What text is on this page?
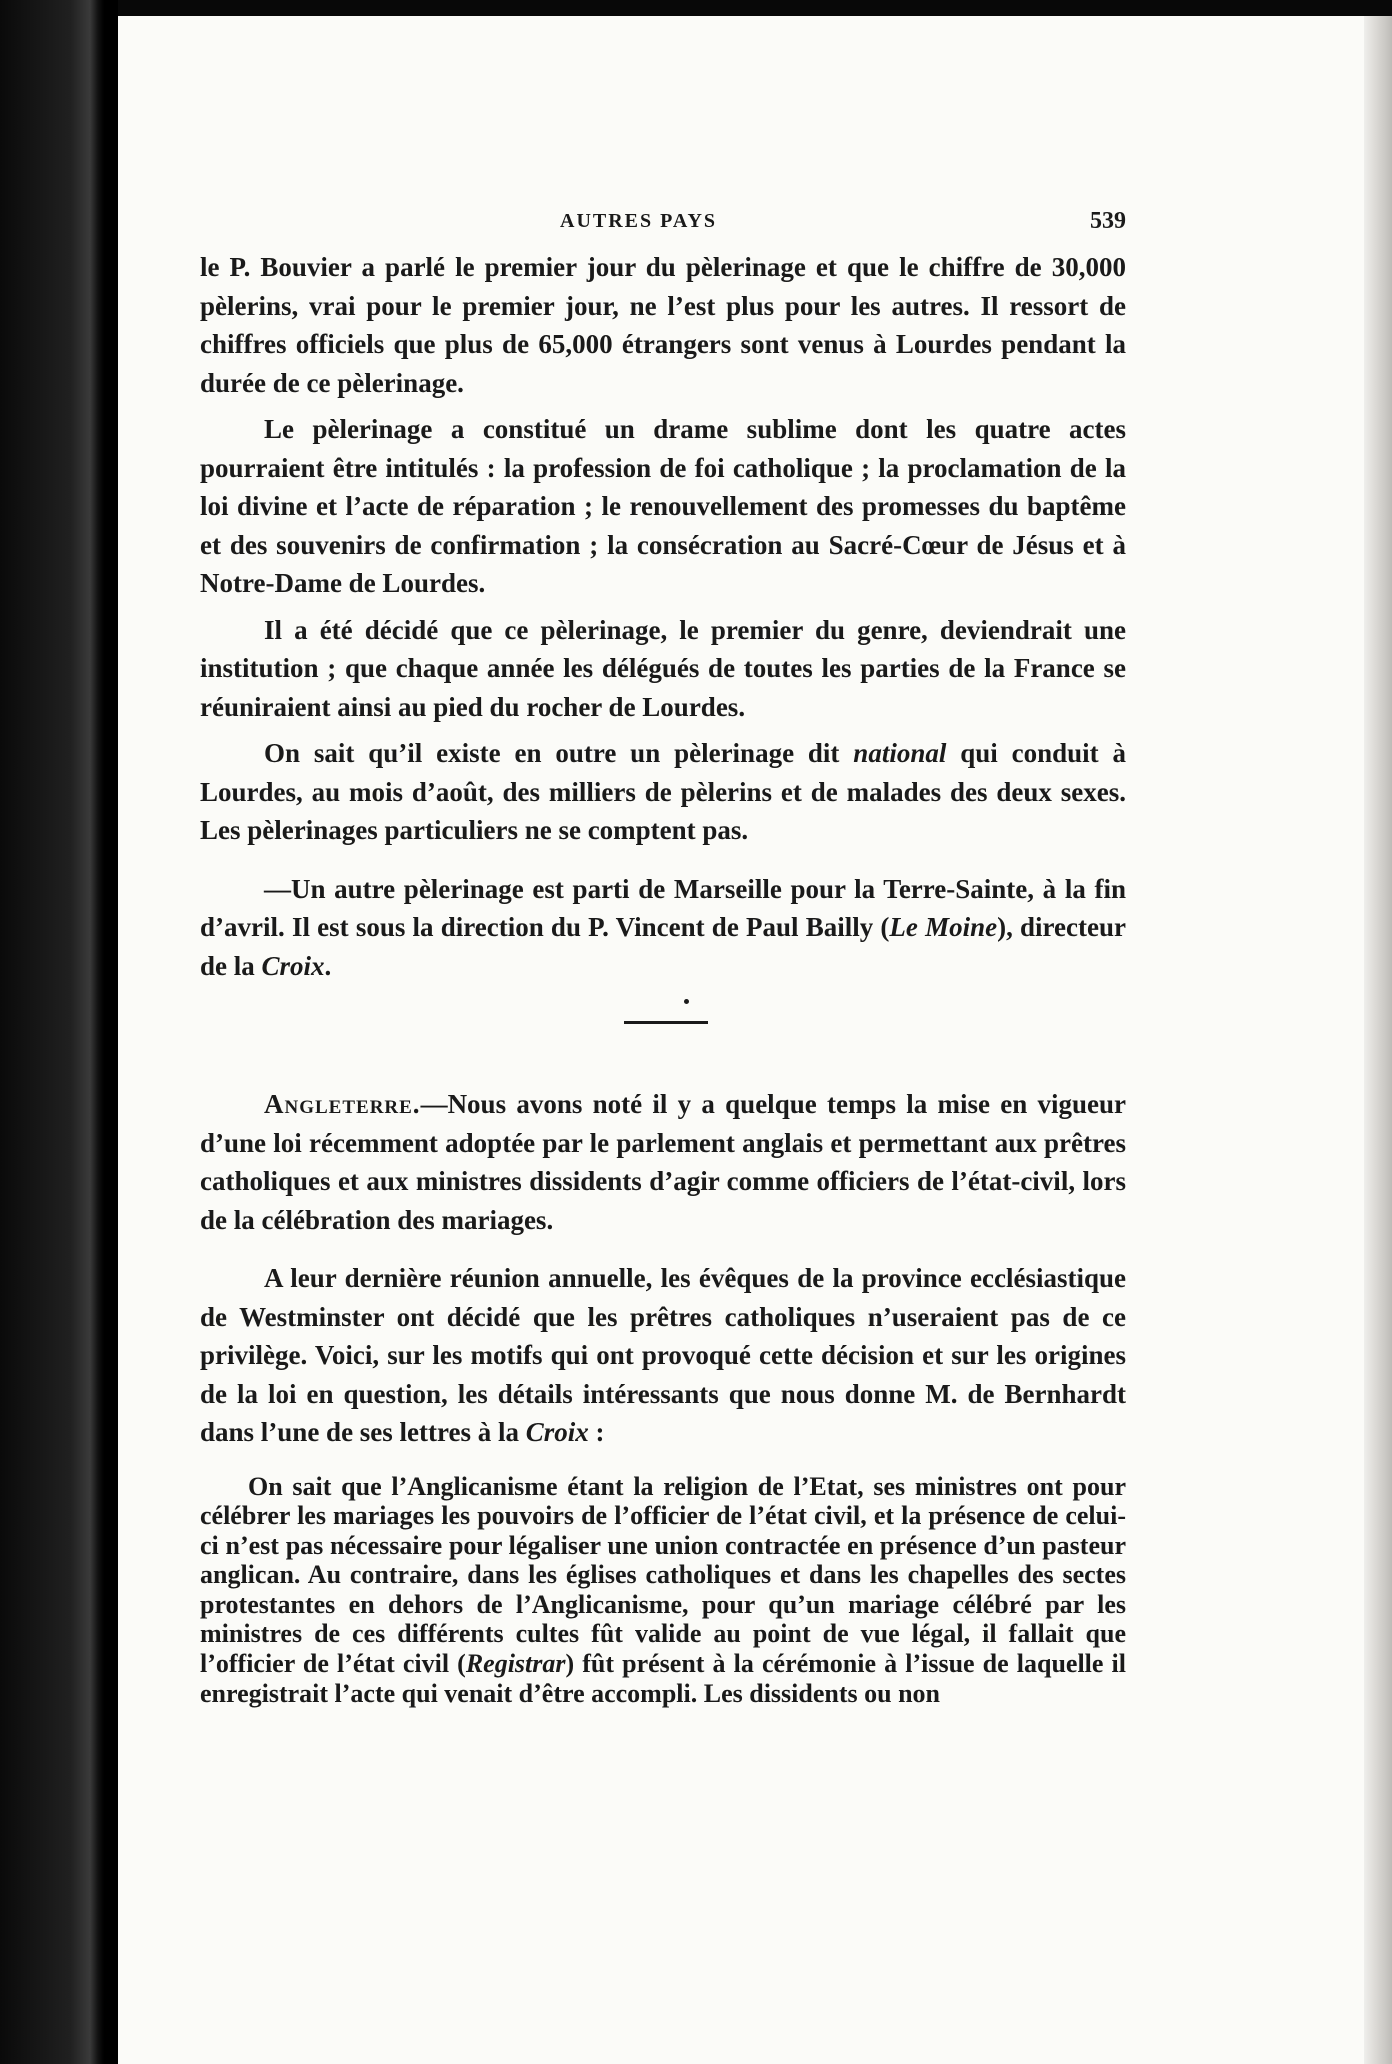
AUTRES PAYS	539

le P. Bouvier a parlé le premier jour du pèlerinage et que le chiffre de 30,000 pèlerins, vrai pour le premier jour, ne l’est plus pour les autres. Il ressort de chiffres officiels que plus de 65,000 étrangers sont venus à Lourdes pendant la durée de ce pèlerinage.

Le pèlerinage a constitué un drame sublime dont les quatre actes pourraient être intitulés : la profession de foi catholique ; la proclamation de la loi divine et l’acte de réparation ; le renouvellement des promesses du baptême et des souvenirs de confirmation ; la consécration au Sacré-Cœur de Jésus et à Notre-Dame de Lourdes.

Il a été décidé que ce pèlerinage, le premier du genre, deviendrait une institution ; que chaque année les délégués de toutes les parties de la France se réuniraient ainsi au pied du rocher de Lourdes.

On sait qu’il existe en outre un pèlerinage dit national qui conduit à Lourdes, au mois d’août, des milliers de pèlerins et de malades des deux sexes. Les pèlerinages particuliers ne se comptent pas.

—Un autre pèlerinage est parti de Marseille pour la Terre-Sainte, à la fin d’avril. Il est sous la direction du P. Vincent de Paul Bailly (Le Moine), directeur de la Croix.

Angleterre.—Nous avons noté il y a quelque temps la mise en vigueur d’une loi récemment adoptée par le parlement anglais et permettant aux prêtres catholiques et aux ministres dissidents d’agir comme officiers de l’état-civil, lors de la célébration des mariages.

A leur dernière réunion annuelle, les évêques de la province ecclésiastique de Westminster ont décidé que les prêtres catholiques n’useraient pas de ce privilège. Voici, sur les motifs qui ont provoqué cette décision et sur les origines de la loi en question, les détails intéressants que nous donne M. de Bernhardt dans l’une de ses lettres à la Croix :

On sait que l’Anglicanisme étant la religion de l’Etat, ses ministres ont pour célébrer les mariages les pouvoirs de l’officier de l’état civil, et la présence de celui-ci n’est pas nécessaire pour légaliser une union contractée en présence d’un pasteur anglican. Au contraire, dans les églises catholiques et dans les chapelles des sectes protestantes en dehors de l’Anglicanisme, pour qu’un mariage célébré par les ministres de ces différents cultes fût valide au point de vue légal, il fallait que l’officier de l’état civil (Registrar) fût présent à la cérémonie à l’issue de laquelle il enregistrait l’acte qui venait d’être accompli. Les dissidents ou non
